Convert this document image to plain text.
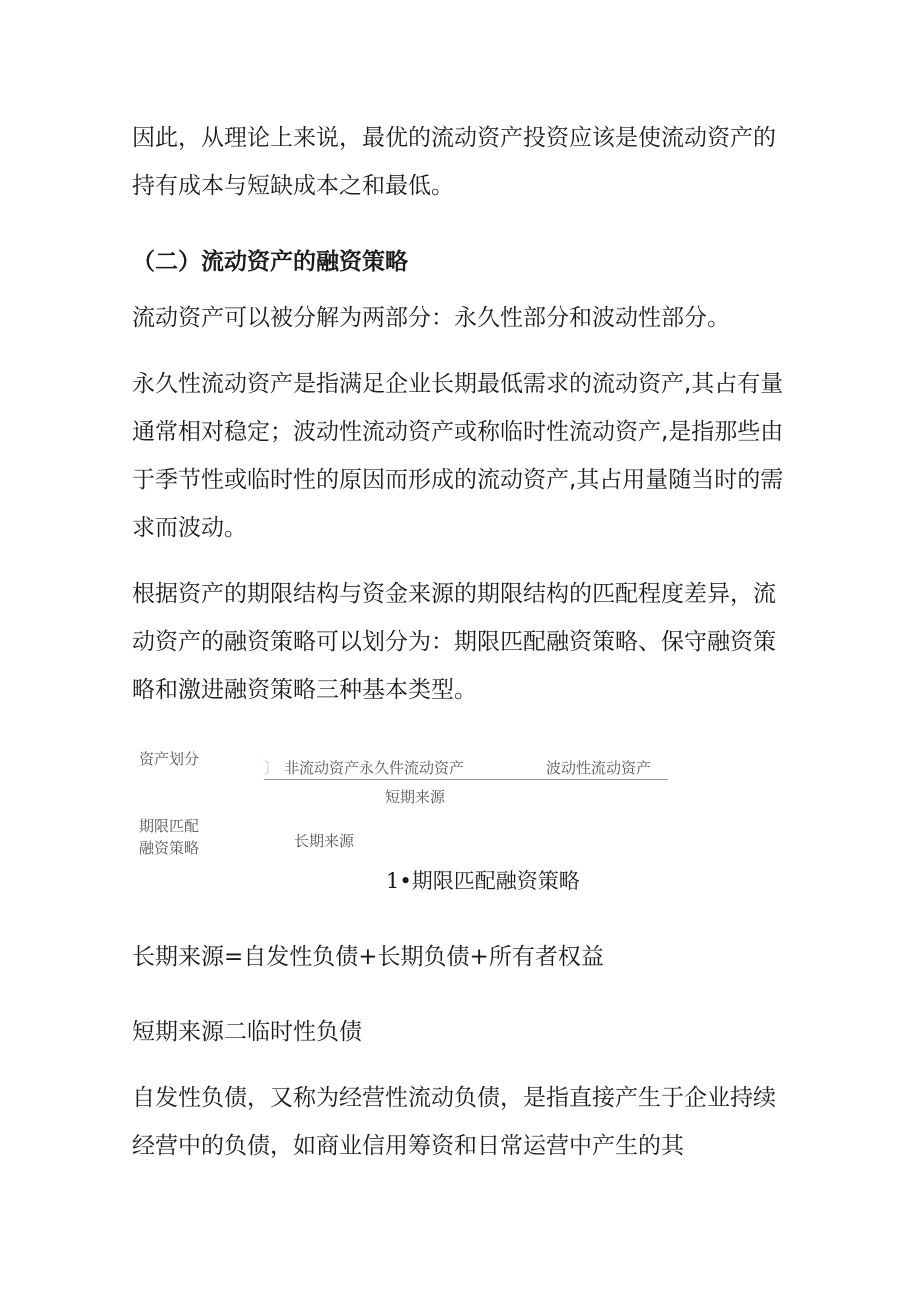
因此，从理论上来说，最优的流动资产投资应该是使流动资产的
持有成本与短缺成本之和最低。
（二）流动资产的融资策略
流动资产可以被分解为两部分：永久性部分和波动性部分。
永久性流动资产是指满足企业长期最低需求的流动资产,其占有量
通常相对稳定；波动性流动资产或称临时性流动资产,是指那些由
于季节性或临时性的原因而形成的流动资产,其占用量随当时的需
求而波动。
根据资产的期限结构与资金来源的期限结构的匹配程度差异，流
动资产的融资策略可以划分为：期限匹配融资策略、保守融资策
略和激进融资策略三种基本类型。
资产划分	〕 非流动资产永久件流动资产	波动性流动资产
短期来源
期限匹配
融资策略	长期来源
1•期限匹配融资策略
长期来源=自发性负债+长期负债+所有者权益
短期来源二临时性负债
自发性负债，又称为经营性流动负债，是指直接产生于企业持续
经营中的负债，如商业信用筹资和日常运营中产生的其
